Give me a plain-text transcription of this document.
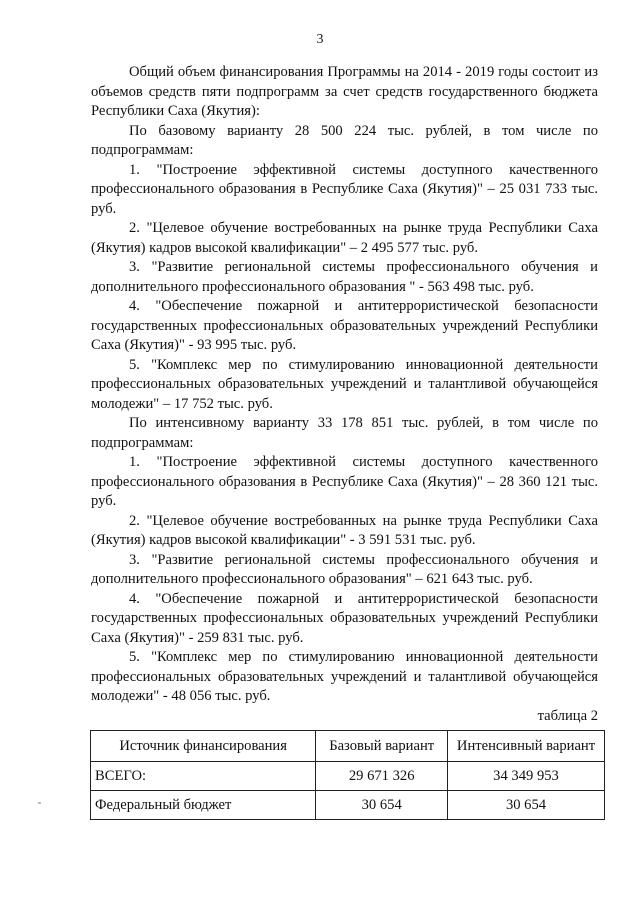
3

Общий объем финансирования Программы на 2014 - 2019 годы состоит из объемов средств пяти подпрограмм за счет средств государственного бюджета Республики Саха (Якутия):

По базовому варианту 28 500 224 тыс. рублей, в том числе по подпрограммам:

1. "Построение эффективной системы доступного качественного профессионального образования в Республике Саха (Якутия)" – 25 031 733 тыс. руб.

2. "Целевое обучение востребованных на рынке труда Республики Саха (Якутия) кадров высокой квалификации" – 2 495 577 тыс. руб.

3. "Развитие региональной системы профессионального обучения и дополнительного профессионального образования " - 563 498 тыс. руб.

4. "Обеспечение пожарной и антитеррористической безопасности государственных профессиональных образовательных учреждений Республики Саха (Якутия)" - 93 995 тыс. руб.

5. "Комплекс мер по стимулированию инновационной деятельности профессиональных образовательных учреждений и талантливой обучающейся молодежи" – 17 752 тыс. руб.

По интенсивному варианту 33 178 851 тыс. рублей, в том числе по подпрограммам:

1. "Построение эффективной системы доступного качественного профессионального образования в Республике Саха (Якутия)" – 28 360 121 тыс. руб.

2. "Целевое обучение востребованных на рынке труда Республики Саха (Якутия) кадров высокой квалификации" - 3 591 531 тыс. руб.

3. "Развитие региональной системы профессионального обучения и дополнительного профессионального образования" – 621 643 тыс. руб.

4. "Обеспечение пожарной и антитеррористической безопасности государственных профессиональных образовательных учреждений Республики Саха (Якутия)" - 259 831 тыс. руб.

5. "Комплекс мер по стимулированию инновационной деятельности профессиональных образовательных учреждений и талантливой обучающейся молодежи" - 48 056 тыс. руб.

таблица 2
Источник финансирования	Базовый вариант	Интенсивный вариант
ВСЕГО:	29 671 326	34 349 953
Федеральный бюджет	30 654	30 654
